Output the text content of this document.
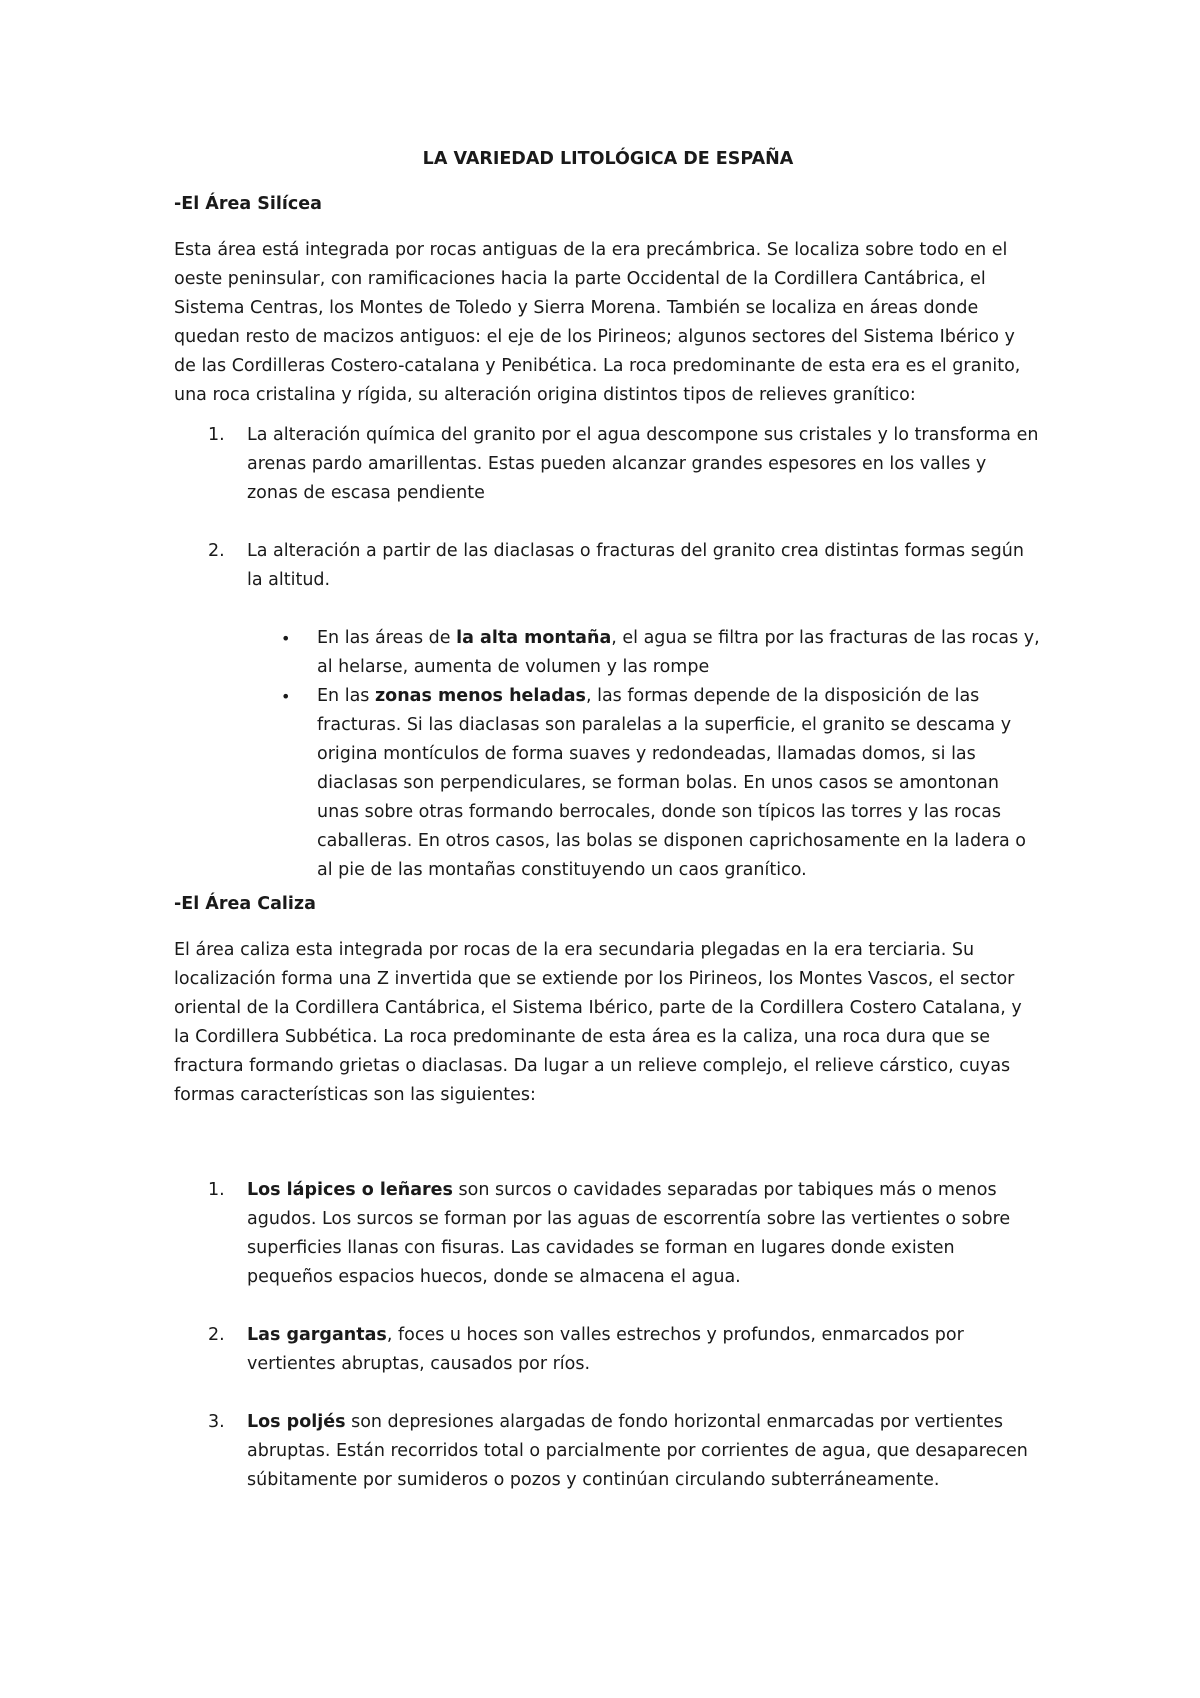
LA VARIEDAD LITOLÓGICA DE ESPAÑA
-El Área Silícea

Esta área está integrada por rocas antiguas de la era precámbrica. Se localiza sobre todo en el oeste peninsular, con ramificaciones hacia la parte Occidental de la Cordillera Cantábrica, el Sistema Centras, los Montes de Toledo y Sierra Morena. También se localiza en áreas donde quedan resto de macizos antiguos: el eje de los Pirineos; algunos sectores del Sistema Ibérico y de las Cordilleras Costero-catalana y Penibética. La roca predominante de esta era es el granito, una roca cristalina y rígida, su alteración origina distintos tipos de relieves granítico:

1. La alteración química del granito por el agua descompone sus cristales y lo transforma en arenas pardo amarillentas. Estas pueden alcanzar grandes espesores en los valles y zonas de escasa pendiente
2. La alteración a partir de las diaclasas o fracturas del granito crea distintas formas según la altitud.
• En las áreas de la alta montaña, el agua se filtra por las fracturas de las rocas y, al helarse, aumenta de volumen y las rompe
• En las zonas menos heladas, las formas depende de la disposición de las fracturas. Si las diaclasas son paralelas a la superficie, el granito se descama y origina montículos de forma suaves y redondeadas, llamadas domos, si las diaclasas son perpendiculares, se forman bolas. En unos casos se amontonan unas sobre otras formando berrocales, donde son típicos las torres y las rocas caballeras. En otros casos, las bolas se disponen caprichosamente en la ladera o al pie de las montañas constituyendo un caos granítico.
-El Área Caliza

El área caliza esta integrada por rocas de la era secundaria plegadas en la era terciaria. Su localización forma una Z invertida que se extiende por los Pirineos, los Montes Vascos, el sector oriental de la Cordillera Cantábrica, el Sistema Ibérico, parte de la Cordillera Costero Catalana, y la Cordillera Subbética. La roca predominante de esta área es la caliza, una roca dura que se fractura formando grietas o diaclasas. Da lugar a un relieve complejo, el relieve cárstico, cuyas formas características son las siguientes:

1. Los lápices o leñares son surcos o cavidades separadas por tabiques más o menos agudos. Los surcos se forman por las aguas de escorrentía sobre las vertientes o sobre superficies llanas con fisuras. Las cavidades se forman en lugares donde existen pequeños espacios huecos, donde se almacena el agua.
2. Las gargantas, foces u hoces son valles estrechos y profundos, enmarcados por vertientes abruptas, causados por ríos.
3. Los poljés son depresiones alargadas de fondo horizontal enmarcadas por vertientes abruptas. Están recorridos total o parcialmente por corrientes de agua, que desaparecen súbitamente por sumideros o pozos y continúan circulando subterráneamente.
